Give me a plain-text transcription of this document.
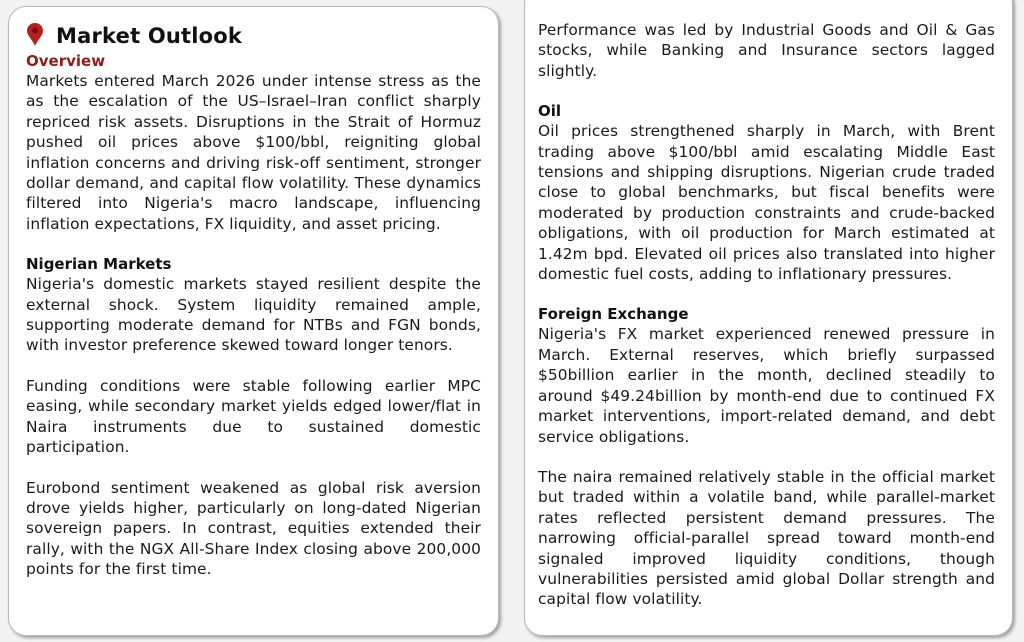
Market Outlook
Overview

Markets entered March 2026 under intense stress as the as the escalation of the US–Israel–Iran conflict sharply repriced risk assets. Disruptions in the Strait of Hormuz pushed oil prices above $100/bbl, reigniting global inflation concerns and driving risk-off sentiment, stronger dollar demand, and capital flow volatility. These dynamics filtered into Nigeria's macro landscape, influencing inflation expectations, FX liquidity, and asset pricing.

Nigerian Markets

Nigeria's domestic markets stayed resilient despite the external shock. System liquidity remained ample, supporting moderate demand for NTBs and FGN bonds, with investor preference skewed toward longer tenors.

Funding conditions were stable following earlier MPC easing, while secondary market yields edged lower/flat in Naira instruments due to sustained domestic participation.

Eurobond sentiment weakened as global risk aversion drove yields higher, particularly on long-dated Nigerian sovereign papers. In contrast, equities extended their rally, with the NGX All-Share Index closing above 200,000 points for the first time.

Performance was led by Industrial Goods and Oil & Gas stocks, while Banking and Insurance sectors lagged slightly.

Oil

Oil prices strengthened sharply in March, with Brent trading above $100/bbl amid escalating Middle East tensions and shipping disruptions. Nigerian crude traded close to global benchmarks, but fiscal benefits were moderated by production constraints and crude-backed obligations, with oil production for March estimated at 1.42m bpd. Elevated oil prices also translated into higher domestic fuel costs, adding to inflationary pressures.

Foreign Exchange

Nigeria's FX market experienced renewed pressure in March. External reserves, which briefly surpassed $50billion earlier in the month, declined steadily to around $49.24billion by month-end due to continued FX market interventions, import-related demand, and debt service obligations.

The naira remained relatively stable in the official market but traded within a volatile band, while parallel-market rates reflected persistent demand pressures. The narrowing official-parallel spread toward month-end signaled improved liquidity conditions, though vulnerabilities persisted amid global Dollar strength and capital flow volatility.
